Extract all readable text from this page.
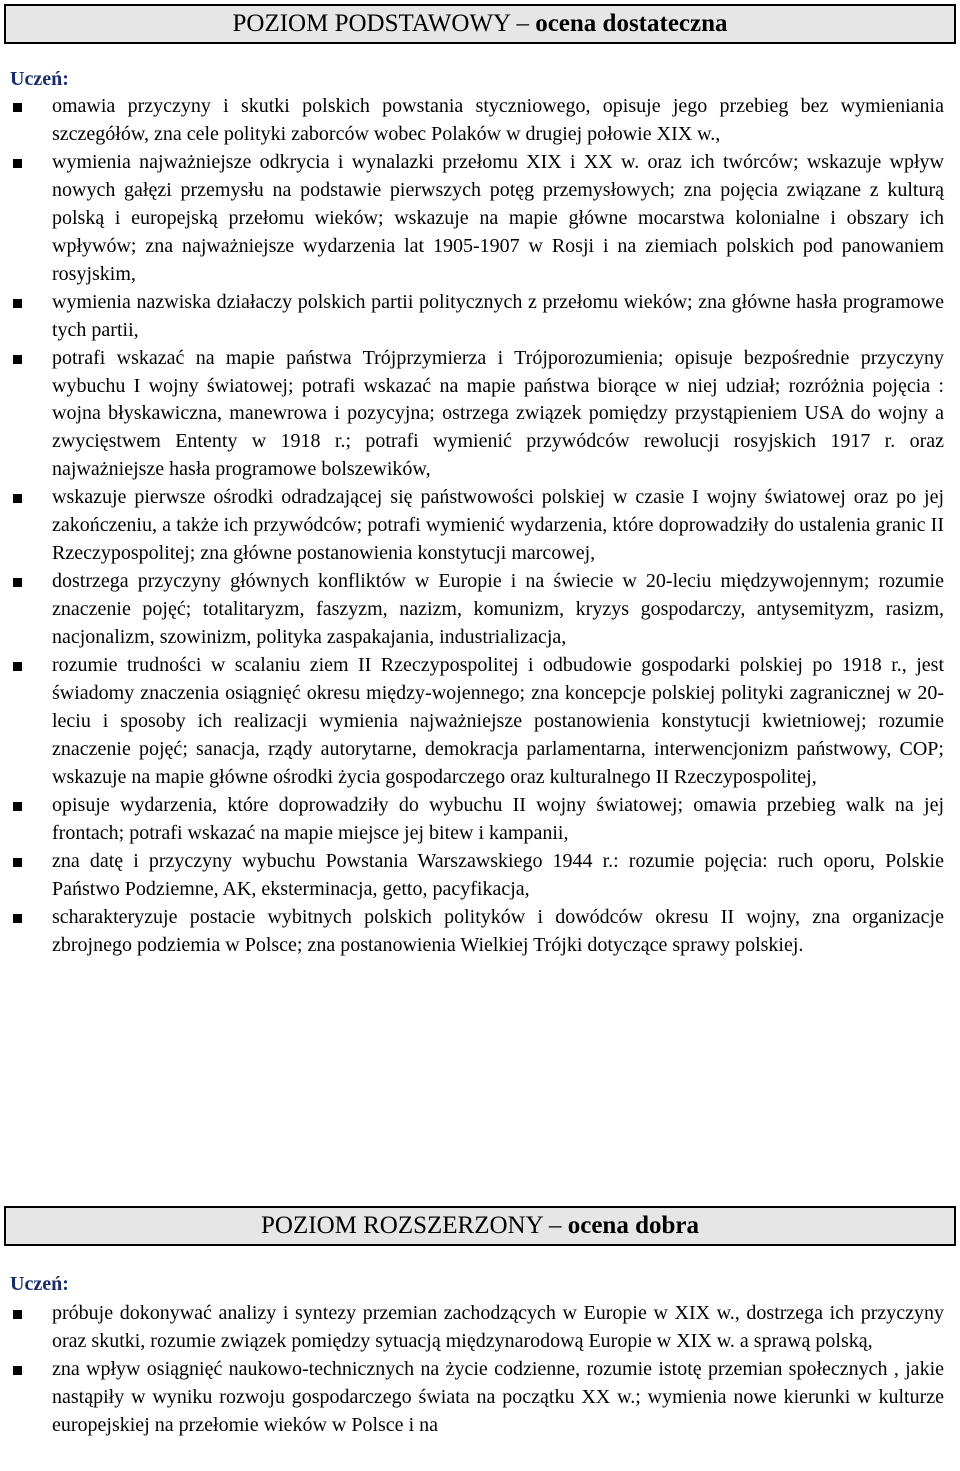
POZIOM PODSTAWOWY – ocena dostateczna
Uczeń:
omawia przyczyny i skutki polskich powstania styczniowego, opisuje jego przebieg bez wymieniania szczegółów, zna cele polityki zaborców wobec Polaków w drugiej połowie XIX w.,
wymienia najważniejsze odkrycia i wynalazki przełomu XIX i XX w. oraz ich twórców; wskazuje wpływ nowych gałęzi przemysłu na podstawie pierwszych potęg przemysłowych; zna pojęcia związane z kulturą polską i europejską przełomu wieków; wskazuje na mapie główne mocarstwa kolonialne i obszary ich wpływów; zna najważniejsze wydarzenia lat 1905-1907 w Rosji i na ziemiach polskich pod panowaniem rosyjskim,
wymienia nazwiska działaczy polskich partii politycznych z przełomu wieków; zna główne hasła programowe tych partii,
potrafi wskazać na mapie państwa Trójprzymierza i Trójporozumienia; opisuje bezpośrednie przyczyny wybuchu I wojny światowej; potrafi wskazać na mapie państwa biorące w niej udział; rozróżnia pojęcia : wojna błyskawiczna, manewrowa i pozycyjna; ostrzega związek pomiędzy przystąpieniem USA do wojny a zwycięstwem Ententy w 1918 r.; potrafi wymienić przywódców rewolucji rosyjskich 1917 r. oraz najważniejsze hasła programowe bolszewików,
wskazuje pierwsze ośrodki odradzającej się państwowości polskiej w czasie I wojny światowej oraz po jej zakończeniu, a także ich przywódców; potrafi wymienić wydarzenia, które doprowadziły do ustalenia granic II Rzeczypospolitej; zna główne postanowienia konstytucji marcowej,
dostrzega przyczyny głównych konfliktów w Europie i na świecie w 20-leciu międzywojennym; rozumie znaczenie pojęć; totalitaryzm, faszyzm, nazizm, komunizm, kryzys gospodarczy, antysemityzm, rasizm, nacjonalizm, szowinizm, polityka zaspakajania, industrializacja,
rozumie trudności w scalaniu ziem II Rzeczypospolitej i odbudowie gospodarki polskiej po 1918 r., jest świadomy znaczenia osiągnięć okresu między-wojennego; zna koncepcje polskiej polityki zagranicznej w 20-leciu i sposoby ich realizacji wymienia najważniejsze postanowienia konstytucji kwietniowej; rozumie znaczenie pojęć; sanacja, rządy autorytarne, demokracja parlamentarna, interwencjonizm państwowy, COP; wskazuje na mapie główne ośrodki życia gospodarczego oraz kulturalnego II Rzeczypospolitej,
opisuje wydarzenia, które doprowadziły do wybuchu II wojny światowej; omawia przebieg walk na jej frontach; potrafi wskazać na mapie miejsce jej bitew i kampanii,
zna datę i przyczyny wybuchu Powstania Warszawskiego 1944 r.: rozumie pojęcia: ruch oporu, Polskie Państwo Podziemne, AK, eksterminacja, getto, pacyfikacja,
scharakteryzuje postacie wybitnych polskich polityków i dowódców okresu II wojny, zna organizacje zbrojnego podziemia w Polsce; zna postanowienia Wielkiej Trójki dotyczące sprawy polskiej.
POZIOM ROZSZERZONY – ocena dobra
Uczeń:
próbuje dokonywać analizy i syntezy przemian zachodzących w Europie w XIX w., dostrzega ich przyczyny oraz skutki, rozumie związek pomiędzy sytuacją międzynarodową Europie w XIX w. a sprawą polską,
zna wpływ osiągnięć naukowo-technicznych na życie codzienne, rozumie istotę przemian społecznych , jakie nastąpiły w wyniku rozwoju gospodarczego świata na początku XX w.; wymienia nowe kierunki w kulturze europejskiej na przełomie wieków w Polsce i na
